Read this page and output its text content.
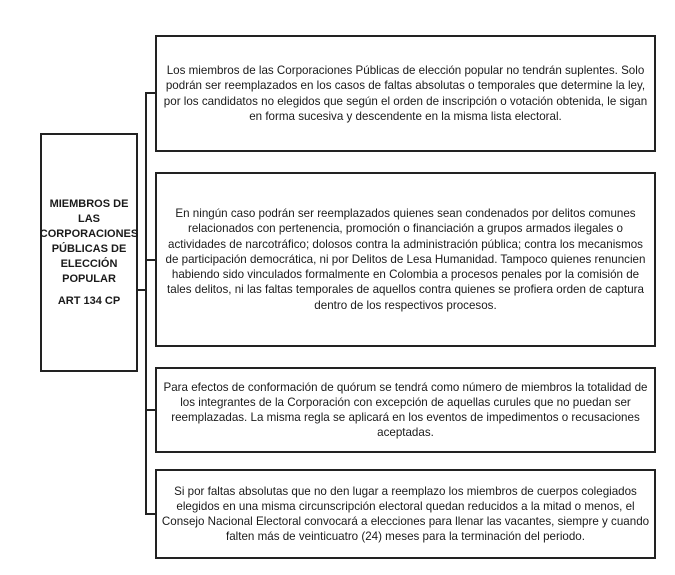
MIEMBROS DE LAS CORPORACIONES PÚBLICAS DE ELECCIÓN POPULAR
ART 134 CP
Los miembros de las Corporaciones Públicas de elección popular no tendrán suplentes. Solo podrán ser reemplazados en los casos de faltas absolutas o temporales que determine la ley, por los candidatos no elegidos que según el orden de inscripción o votación obtenida, le sigan en forma sucesiva y descendente en la misma lista electoral.
En ningún caso podrán ser reemplazados quienes sean condenados por delitos comunes relacionados con pertenencia, promoción o financiación a grupos armados ilegales o actividades de narcotráfico; dolosos contra la administración pública; contra los mecanismos de participación democrática, ni por Delitos de Lesa Humanidad. Tampoco quienes renuncien habiendo sido vinculados formalmente en Colombia a procesos penales por la comisión de tales delitos, ni las faltas temporales de aquellos contra quienes se profiera orden de captura dentro de los respectivos procesos.
Para efectos de conformación de quórum se tendrá como número de miembros la totalidad de los integrantes de la Corporación con excepción de aquellas curules que no puedan ser reemplazadas. La misma regla se aplicará en los eventos de impedimentos o recusaciones aceptadas.
Si por faltas absolutas que no den lugar a reemplazo los miembros de cuerpos colegiados elegidos en una misma circunscripción electoral quedan reducidos a la mitad o menos, el Consejo Nacional Electoral convocará a elecciones para llenar las vacantes, siempre y cuando falten más de veinticuatro (24) meses para la terminación del periodo.
